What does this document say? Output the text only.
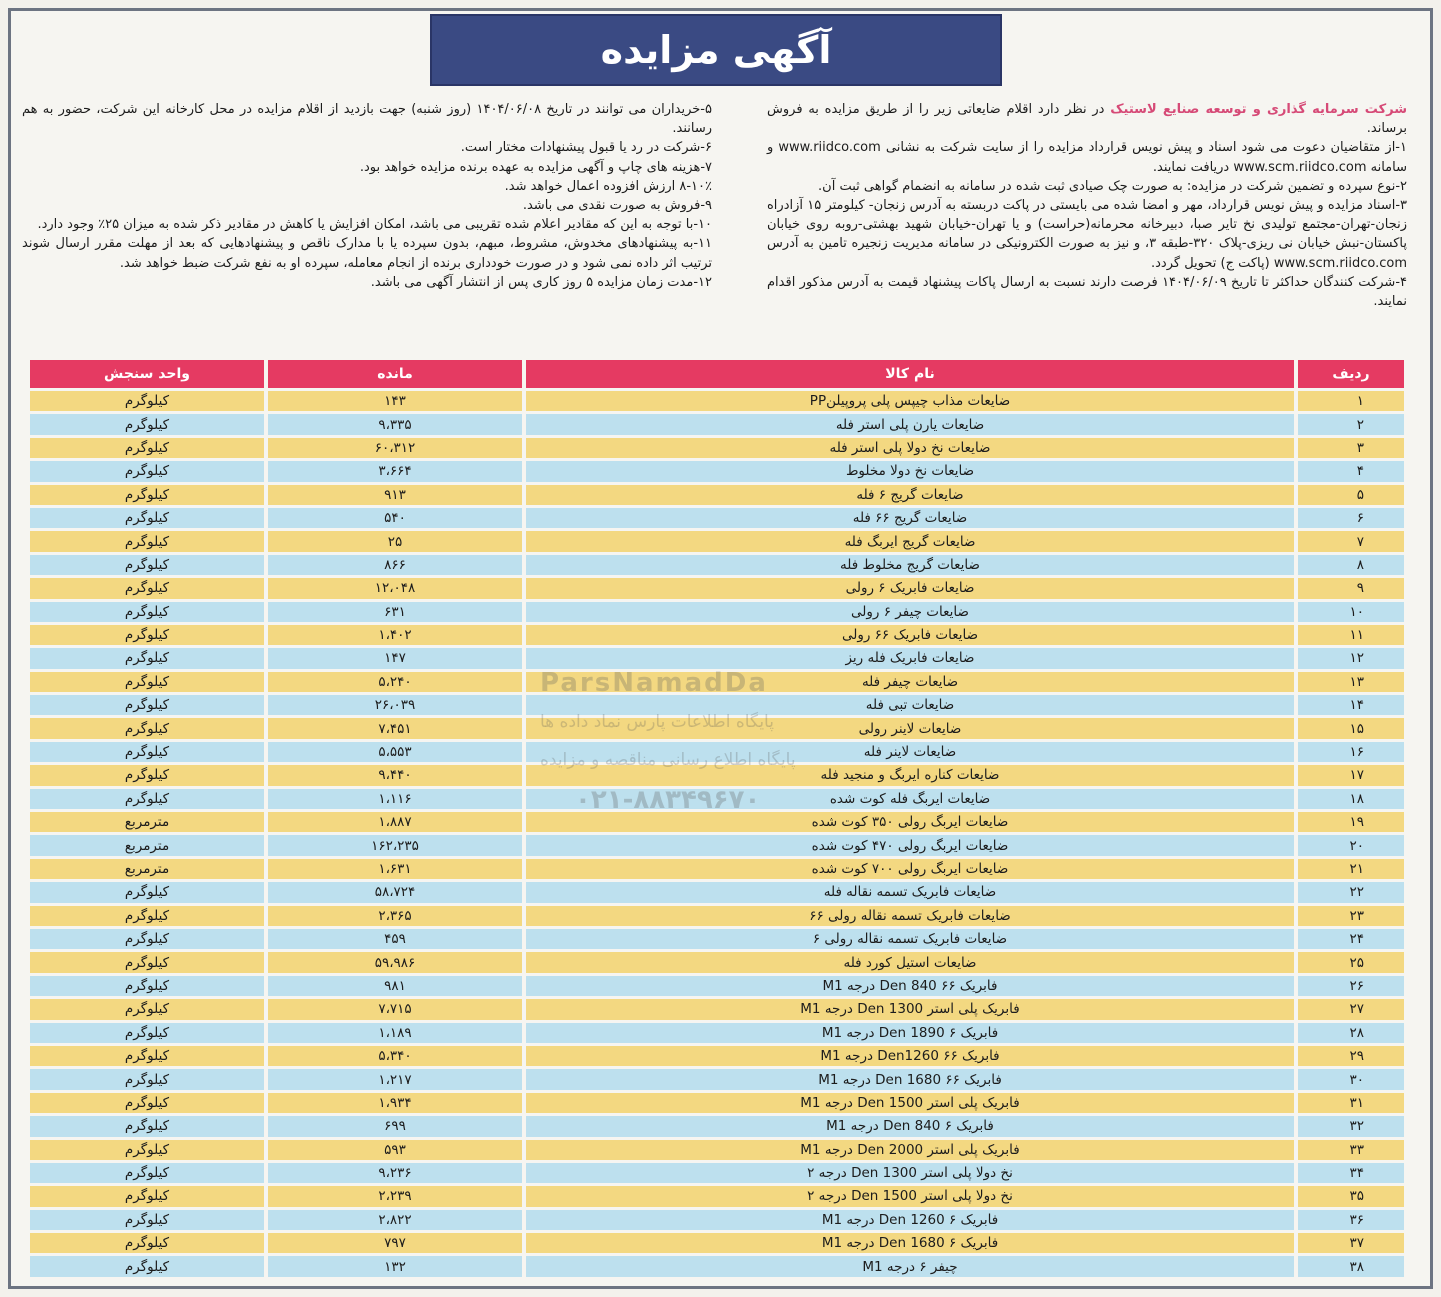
آگهی مزایده

شرکت سرمایه گذاری و توسعه صنایع لاستیک در نظر دارد اقلام ضایعاتی زیر را از طریق مزایده به فروش برساند.

۱-از متقاضیان دعوت می شود اسناد و پیش نویس قرارداد مزایده را از سایت شرکت به نشانی www.riidco.com و سامانه www.scm.riidco.com دریافت نمایند.

۲-نوع سپرده و تضمین شرکت در مزایده: به صورت چک صیادی ثبت شده در سامانه به انضمام گواهی ثبت آن.

۳-اسناد مزایده و پیش نویس قرارداد، مهر و امضا شده می بایستی در پاکت دربسته به آدرس زنجان- کیلومتر ۱۵ آزادراه زنجان-تهران-مجتمع تولیدی نخ تایر صبا، دبیرخانه محرمانه(حراست) و یا تهران-خیابان شهید بهشتی-روبه روی خیابان پاکستان-نبش خیابان نی ریزی-پلاک ۳۲۰-طبقه ۳، و نیز به صورت الکترونیکی در سامانه مدیریت زنجیره تامین به آدرس www.scm.riidco.com (پاکت ج) تحویل گردد.

۴-شرکت کنندگان حداکثر تا تاریخ ۱۴۰۴/۰۶/۰۹ فرصت دارند نسبت به ارسال پاکات پیشنهاد قیمت به آدرس مذکور اقدام نمایند.

۵-خریداران می توانند در تاریخ ۱۴۰۴/۰۶/۰۸ (روز شنبه) جهت بازدید از اقلام مزایده در محل کارخانه این شرکت، حضور به هم رسانند.

۶-شرکت در رد یا قبول پیشنهادات مختار است.

۷-هزینه های چاپ و آگهی مزایده به عهده برنده مزایده خواهد بود.

۸-۱۰٪ ارزش افزوده اعمال خواهد شد.

۹-فروش به صورت نقدی می باشد.

۱۰-با توجه به این که مقادیر اعلام شده تقریبی می باشد، امکان افزایش یا کاهش در مقادیر ذکر شده به میزان ۲۵٪ وجود دارد.

۱۱-به پیشنهادهای مخدوش، مشروط، مبهم، بدون سپرده یا با مدارک ناقص و پیشنهادهایی که بعد از مهلت مقرر ارسال شوند ترتیب اثر داده نمی شود و در صورت خودداری برنده از انجام معامله، سپرده او به نفع شرکت ضبط خواهد شد.

۱۲-مدت زمان مزایده ۵ روز کاری پس از انتشار آگهی می باشد.

ردیف	نام کالا	مانده	واحد سنجش
۱	ضایعات مذاب چیپس پلی پروپیلنPP	۱۴۳	کیلوگرم
۲	ضایعات یارن پلی استر فله	۹،۳۳۵	کیلوگرم
۳	ضایعات نخ دولا پلی استر فله	۶۰،۳۱۲	کیلوگرم
۴	ضایعات نخ دولا مخلوط	۳،۶۶۴	کیلوگرم
۵	ضایعات گریج ۶ فله	۹۱۳	کیلوگرم
۶	ضایعات گریج ۶۶ فله	۵۴۰	کیلوگرم
۷	ضایعات گریج ایربگ فله	۲۵	کیلوگرم
۸	ضایعات گریج مخلوط فله	۸۶۶	کیلوگرم
۹	ضایعات فابریک ۶ رولی	۱۲،۰۴۸	کیلوگرم
۱۰	ضایعات چیفر ۶ رولی	۶۳۱	کیلوگرم
۱۱	ضایعات فابریک ۶۶ رولی	۱،۴۰۲	کیلوگرم
۱۲	ضایعات فابریک فله ریز	۱۴۷	کیلوگرم
۱۳	ضایعات چیفر فله	۵،۲۴۰	کیلوگرم
۱۴	ضایعات تبی فله	۲۶،۰۳۹	کیلوگرم
۱۵	ضایعات لاینر رولی	۷،۴۵۱	کیلوگرم
۱۶	ضایعات لاینر فله	۵،۵۵۳	کیلوگرم
۱۷	ضایعات کناره ایربگ و منجید فله	۹،۴۴۰	کیلوگرم
۱۸	ضایعات ایربگ فله کوت شده	۱،۱۱۶	کیلوگرم
۱۹	ضایعات ایربگ رولی ۳۵۰ کوت شده	۱،۸۸۷	مترمربع
۲۰	ضایعات ایربگ رولی ۴۷۰ کوت شده	۱۶۲،۲۳۵	مترمربع
۲۱	ضایعات ایربگ رولی ۷۰۰ کوت شده	۱،۶۳۱	مترمربع
۲۲	ضایعات فابریک تسمه نقاله فله	۵۸،۷۲۴	کیلوگرم
۲۳	ضایعات فابریک تسمه نقاله رولی ۶۶	۲،۳۶۵	کیلوگرم
۲۴	ضایعات فابریک تسمه نقاله رولی ۶	۴۵۹	کیلوگرم
۲۵	ضایعات استیل کورد فله	۵۹،۹۸۶	کیلوگرم
۲۶	فابریک ۶۶ Den 840 درجه M1	۹۸۱	کیلوگرم
۲۷	فابریک پلی استر Den 1300 درجه M1	۷،۷۱۵	کیلوگرم
۲۸	فابریک ۶ Den 1890 درجه M1	۱،۱۸۹	کیلوگرم
۲۹	فابریک ۶۶ Den1260 درجه M1	۵،۳۴۰	کیلوگرم
۳۰	فابریک ۶۶ Den 1680 درجه M1	۱،۲۱۷	کیلوگرم
۳۱	فابریک پلی استر Den 1500 درجه M1	۱،۹۳۴	کیلوگرم
۳۲	فابریک ۶ Den 840 درجه M1	۶۹۹	کیلوگرم
۳۳	فابریک پلی استر Den 2000 درجه M1	۵۹۳	کیلوگرم
۳۴	نخ دولا پلی استر Den 1300 درجه ۲	۹،۲۳۶	کیلوگرم
۳۵	نخ دولا پلی استر Den 1500 درجه ۲	۲،۲۳۹	کیلوگرم
۳۶	فابریک ۶ Den 1260 درجه M1	۲،۸۲۲	کیلوگرم
۳۷	فابریک ۶ Den 1680 درجه M1	۷۹۷	کیلوگرم
۳۸	چیفر ۶ درجه M1	۱۳۲	کیلوگرم
ParsNamadDa
پایگاه اطلاعات پارس نماد داده ها
پایگاه اطلاع رسانی مناقصه و مزایده
۰۲۱-۸۸۳۴۹۶۷۰
